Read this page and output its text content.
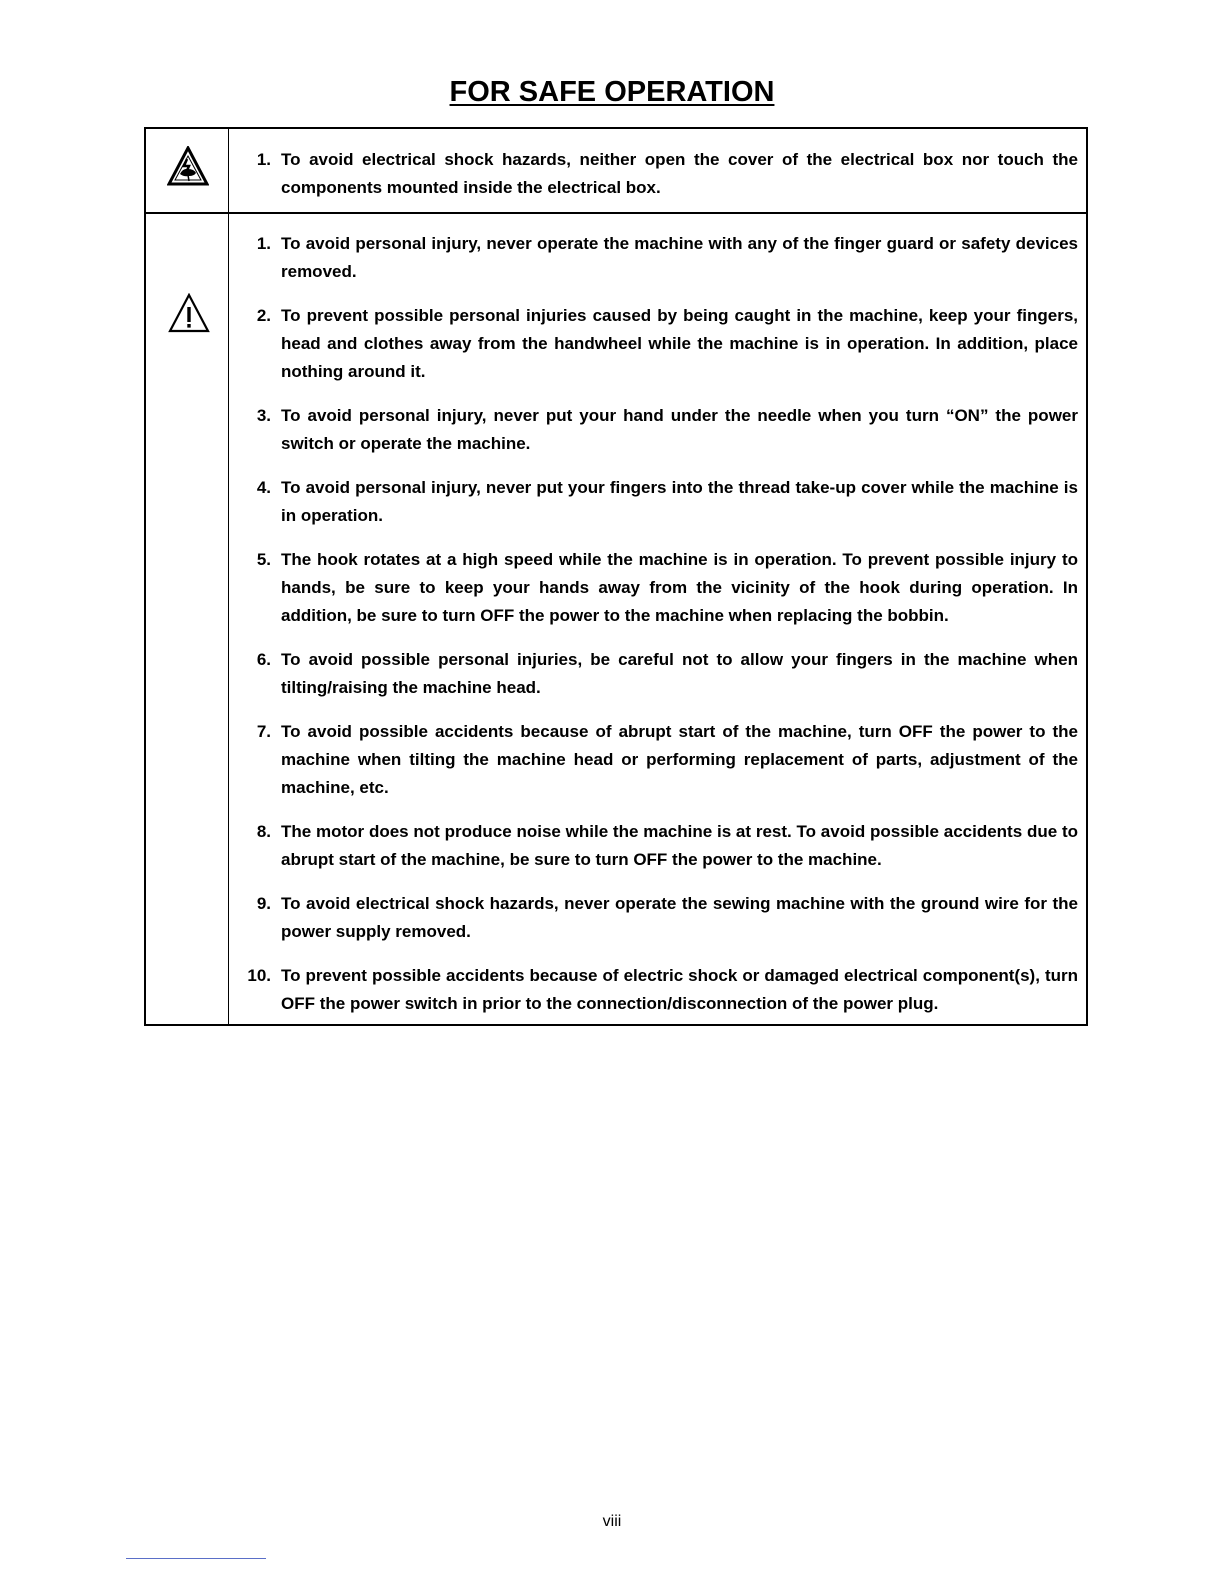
FOR SAFE OPERATION
1. To avoid electrical shock hazards, neither open the cover of the electrical box nor touch the components mounted inside the electrical box.
1. To avoid personal injury, never operate the machine with any of the finger guard or safety devices removed.
2. To prevent possible personal injuries caused by being caught in the machine, keep your fingers, head and clothes away from the handwheel while the machine is in operation. In addition, place nothing around it.
3. To avoid personal injury, never put your hand under the needle when you turn “ON” the power switch or operate the machine.
4. To avoid personal injury, never put your fingers into the thread take-up cover while the machine is in operation.
5. The hook rotates at a high speed while the machine is in operation. To prevent possible injury to hands, be sure to keep your hands away from the vicinity of the hook during operation. In addition, be sure to turn OFF the power to the machine when replacing the bobbin.
6. To avoid possible personal injuries, be careful not to allow your fingers in the machine when tilting/raising the machine head.
7. To avoid possible accidents because of abrupt start of the machine, turn OFF the power to the machine when tilting the machine head or performing replacement of parts, adjustment of the machine, etc.
8. The motor does not produce noise while the machine is at rest. To avoid possible accidents due to abrupt start of the machine, be sure to turn OFF the power to the machine.
9. To avoid electrical shock hazards, never operate the sewing machine with the ground wire for the power supply removed.
10. To prevent possible accidents because of electric shock or damaged electrical component(s), turn OFF the power switch in prior to the connection/disconnection of the power plug.
viii
